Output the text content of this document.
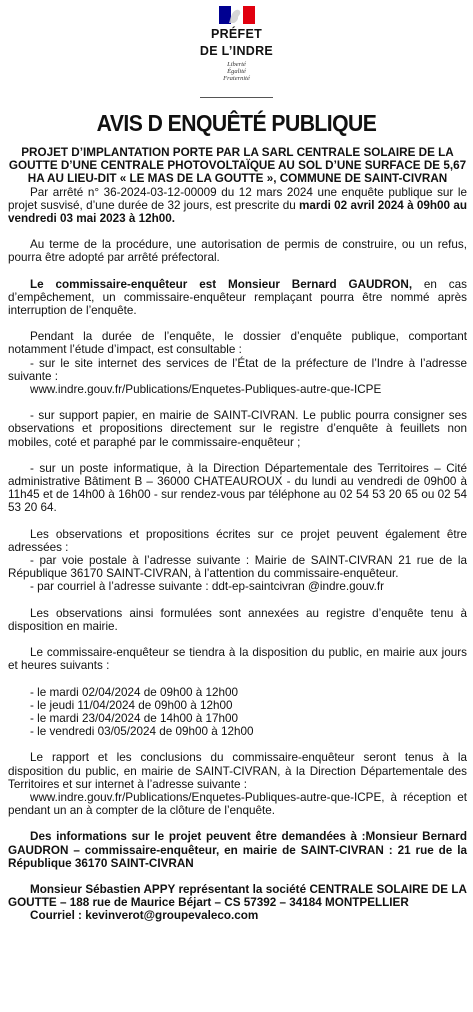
PRÉFET
DE L’INDRE
Liberté
Égalité
Fraternité
AVIS D ENQUÊTÉ PUBLIQUE

PROJET D’IMPLANTATION PORTE PAR LA SARL CENTRALE SOLAIRE DE LA GOUTTE D’UNE CENTRALE PHOTOVOLTAÏQUE AU SOL D’UNE SURFACE DE 5,67 HA AU LIEU-DIT « LE MAS DE LA GOUTTE », COMMUNE DE SAINT-CIVRAN

Par arrêté n° 36-2024-03-12-00009 du 12 mars 2024 une enquête publique sur le projet susvisé, d’une durée de 32 jours, est prescrite du mardi 02 avril 2024 à 09h00 au vendredi 03 mai 2023 à 12h00.

Au terme de la procédure, une autorisation de permis de construire, ou un refus, pourra être adopté par arrêté préfectoral.

Le commissaire-enquêteur est Monsieur Bernard GAUDRON, en cas d’empêchement, un commissaire-enquêteur remplaçant pourra être nommé après interruption de l’enquête.

Pendant la durée de l’enquête, le dossier d’enquête publique, comportant notamment l’étude d’impact, est consultable :

- sur le site internet des services de l’État de la préfecture de l’Indre à l’adresse suivante :

www.indre.gouv.fr/Publications/Enquetes-Publiques-autre-que-ICPE

- sur support papier, en mairie de SAINT-CIVRAN. Le public pourra consigner ses observations et propositions directement sur le registre d’enquête à feuillets non mobiles, coté et paraphé par le commissaire-enquêteur ;

- sur un poste informatique, à la Direction Départementale des Territoires – Cité administrative Bâtiment B – 36000 CHATEAUROUX - du lundi au vendredi de 09h00 à 11h45 et de 14h00 à 16h00 - sur rendez-vous par téléphone au 02 54 53 20 65 ou 02 54 53 20 64.

Les observations et propositions écrites sur ce projet peuvent également être adressées :

- par voie postale à l’adresse suivante : Mairie de SAINT-CIVRAN 21 rue de la République 36170 SAINT-CIVRAN, à l’attention du commissaire-enquêteur.

- par courriel à l’adresse suivante : ddt-ep-saintcivran @indre.gouv.fr

Les observations ainsi formulées sont annexées au registre d’enquête tenu à disposition en mairie.

Le commissaire-enquêteur se tiendra à la disposition du public, en mairie aux jours et heures suivants :

- le mardi 02/04/2024 de 09h00 à 12h00

- le jeudi 11/04/2024 de 09h00 à 12h00

- le mardi 23/04/2024 de 14h00 à 17h00

- le vendredi 03/05/2024 de 09h00 à 12h00

Le rapport et les conclusions du commissaire-enquêteur seront tenus à la disposition du public, en mairie de SAINT-CIVRAN, à la Direction Départementale des Territoires et sur internet à l’adresse suivante :

www.indre.gouv.fr/Publications/Enquetes-Publiques-autre-que-ICPE, à réception et pendant un an à compter de la clôture de l’enquête.

Des informations sur le projet peuvent être demandées à :Monsieur Bernard GAUDRON – commissaire-enquêteur, en mairie de SAINT-CIVRAN : 21 rue de la République 36170 SAINT-CIVRAN

Monsieur Sébastien APPY représentant la société CENTRALE SOLAIRE DE LA GOUTTE – 188 rue de Maurice Béjart – CS 57392 – 34184 MONTPELLIER

Courriel : kevinverot@groupevaleco.com
